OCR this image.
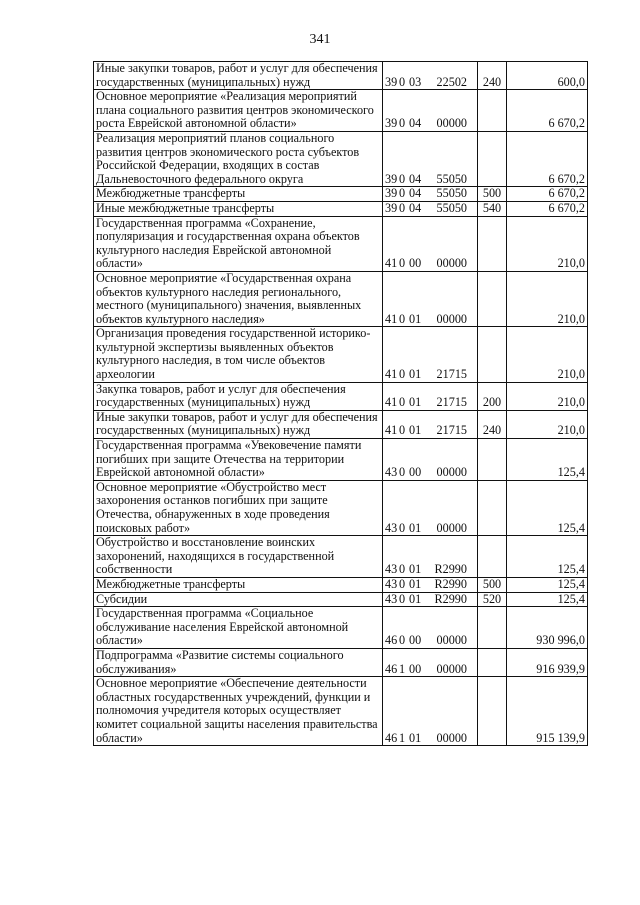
341
Иные закупки товаров, работ и услуг для обеспечения государственных (муниципальных) нужд	39 0 03 22502	240	600,0
Основное мероприятие «Реализация мероприятий плана социального развития центров экономического роста Еврейской автономной области»	39 0 04 00000		6 670,2
Реализация мероприятий планов социального развития центров экономического роста субъектов Российской Федерации, входящих в состав Дальневосточного федерального округа	39 0 04 55050		6 670,2
Межбюджетные трансферты	39 0 04 55050	500	6 670,2
Иные межбюджетные трансферты	39 0 04 55050	540	6 670,2
Государственная программа «Сохранение, популяризация и государственная охрана объектов культурного наследия Еврейской автономной области»	41 0 00 00000		210,0
Основное мероприятие «Государственная охрана объектов культурного наследия регионального, местного (муниципального) значения, выявленных объектов культурного наследия»	41 0 01 00000		210,0
Организация проведения государственной историко-культурной экспертизы выявленных объектов культурного наследия, в том числе объектов археологии	41 0 01 21715		210,0
Закупка товаров, работ и услуг для обеспечения государственных (муниципальных) нужд	41 0 01 21715	200	210,0
Иные закупки товаров, работ и услуг для обеспечения государственных (муниципальных) нужд	41 0 01 21715	240	210,0
Государственная программа «Увековечение памяти погибших при защите Отечества на территории Еврейской автономной области»	43 0 00 00000		125,4
Основное мероприятие «Обустройство мест захоронения останков погибших при защите Отечества, обнаруженных в ходе проведения поисковых работ»	43 0 01 00000		125,4
Обустройство и восстановление воинских захоронений, находящихся в государственной собственности	43 0 01 R2990		125,4
Межбюджетные трансферты	43 0 01 R2990	500	125,4
Субсидии	43 0 01 R2990	520	125,4
Государственная программа «Социальное обслуживание населения Еврейской автономной области»	46 0 00 00000		930 996,0
Подпрограмма «Развитие системы социального обслуживания»	46 1 00 00000		916 939,9
Основное мероприятие «Обеспечение деятельности областных государственных учреждений, функции и полномочия учредителя которых осуществляет комитет социальной защиты населения правительства области»	46 1 01 00000		915 139,9
